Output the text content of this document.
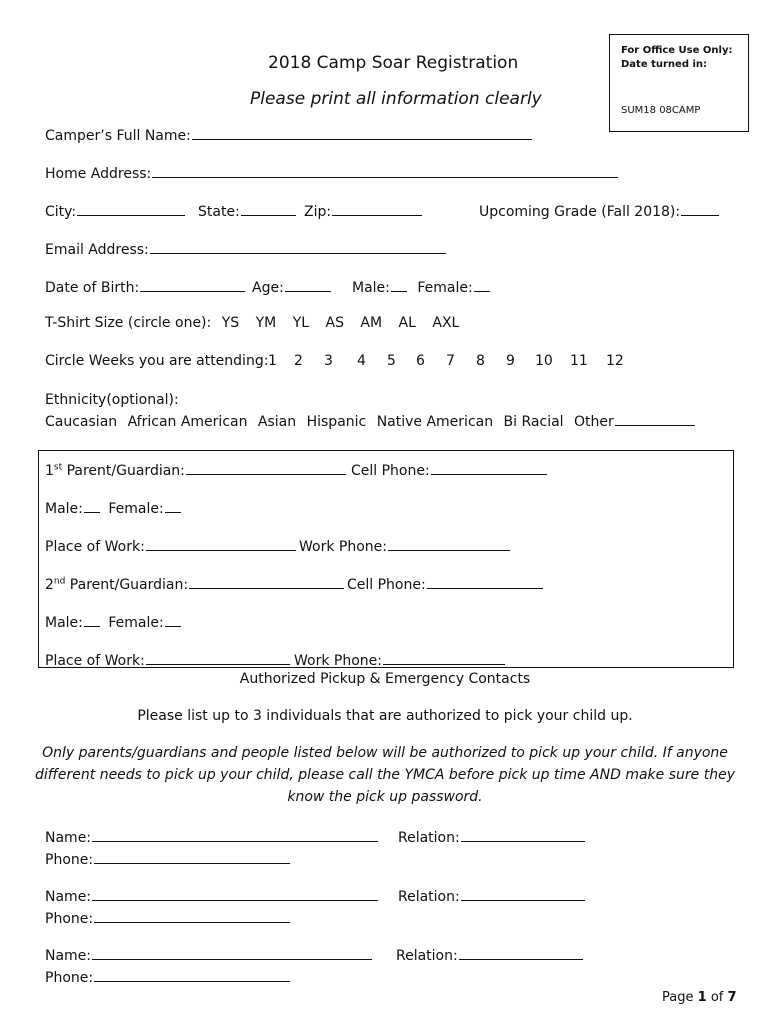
For Office Use Only:
Date turned in:
SUM18 08CAMP
2018 Camp Soar Registration
Please print all information clearly
Camper’s Full Name:
Home Address:
City:	State:	Zip:	Upcoming Grade (Fall 2018):
Email Address:
Date of Birth:	Age:	Male: Female:
T-Shirt Size (circle one): YS YM YL AS AM AL AXL
Circle Weeks you are attending: 1 2 3 4 5 6 7 8 9 10 11 12
Ethnicity(optional):
Caucasian African American Asian Hispanic Native American Bi Racial Other
1st Parent/Guardian:	Cell Phone:
Male: Female:
Place of Work:	Work Phone:
2nd Parent/Guardian:	Cell Phone:
Male: Female:
Place of Work:	Work Phone:
Authorized Pickup & Emergency Contacts
Please list up to 3 individuals that are authorized to pick your child up.
Only parents/guardians and people listed below will be authorized to pick up your child. If anyone
different needs to pick up your child, please call the YMCA before pick up time AND make sure they
know the pick up password.
Name:	Relation:
Phone:
Name:	Relation:
Phone:
Name:	Relation:
Phone:
Page 1 of 7
